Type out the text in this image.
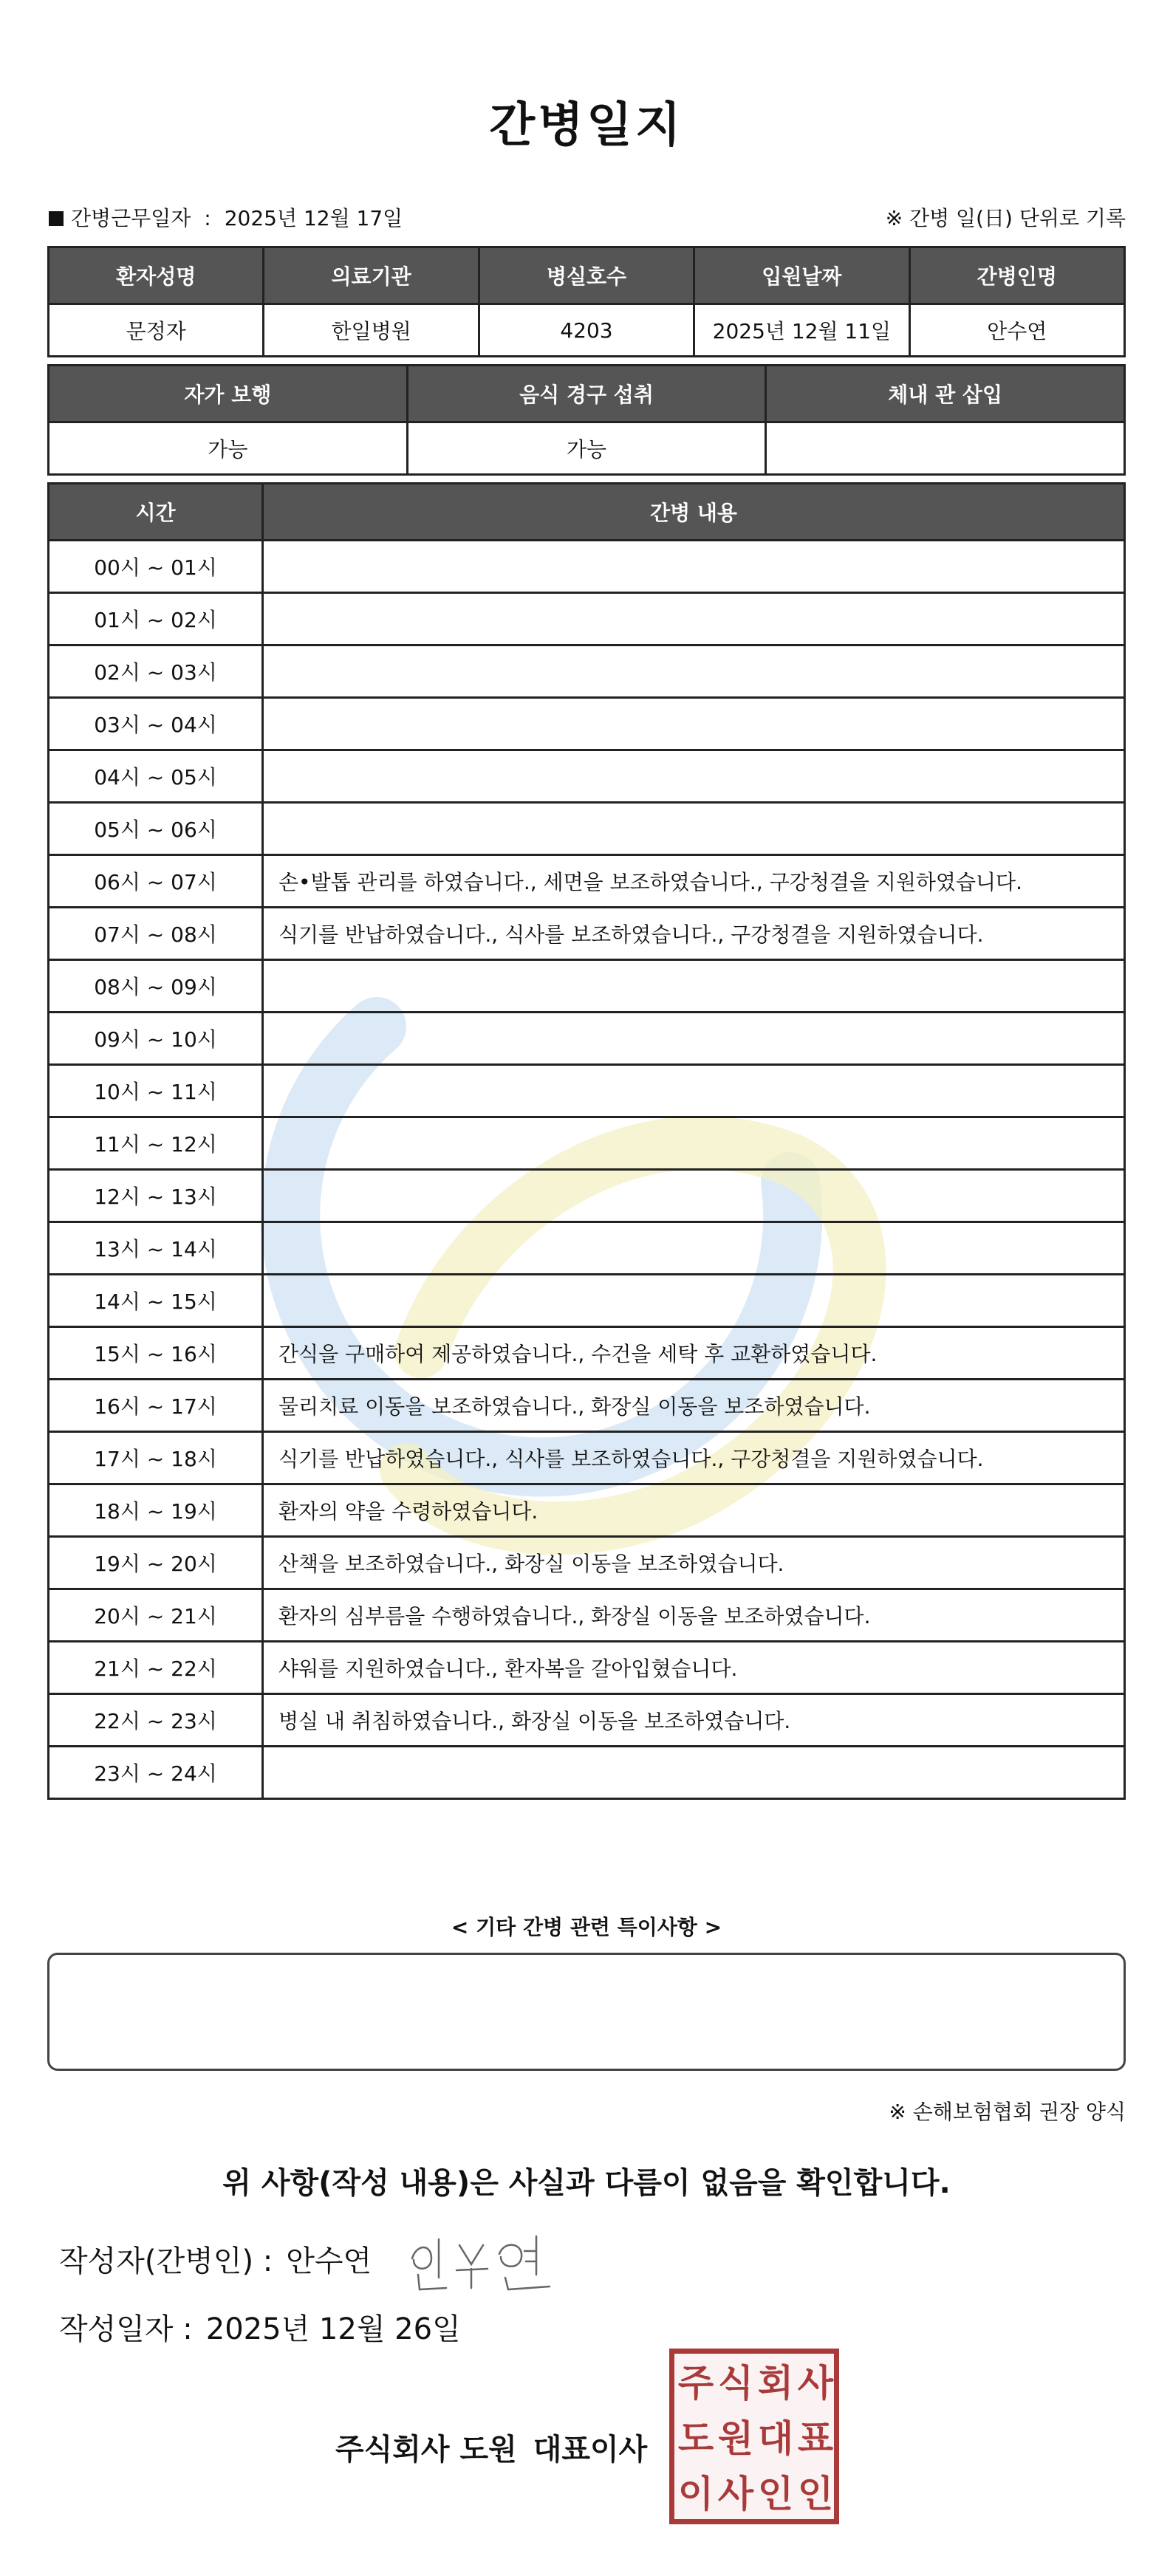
간병일지
간병근무일자 : 2025년 12월 17일	※ 간병 일(日) 단위로 기록
환자성명	의료기관	병실호수	입원날짜	간병인명
문정자	한일병원	4203	2025년 12월 11일	안수연
자가 보행	음식 경구 섭취	체내 관 삽입
가능	가능	
시간	간병 내용
00시 ~ 01시	
01시 ~ 02시	
02시 ~ 03시	
03시 ~ 04시	
04시 ~ 05시	
05시 ~ 06시	
06시 ~ 07시	손•발톱 관리를 하였습니다., 세면을 보조하였습니다., 구강청결을 지원하였습니다.
07시 ~ 08시	식기를 반납하였습니다., 식사를 보조하였습니다., 구강청결을 지원하였습니다.
08시 ~ 09시	
09시 ~ 10시	
10시 ~ 11시	
11시 ~ 12시	
12시 ~ 13시	
13시 ~ 14시	
14시 ~ 15시	
15시 ~ 16시	간식을 구매하여 제공하였습니다., 수건을 세탁 후 교환하였습니다.
16시 ~ 17시	물리치료 이동을 보조하였습니다., 화장실 이동을 보조하였습니다.
17시 ~ 18시	식기를 반납하였습니다., 식사를 보조하였습니다., 구강청결을 지원하였습니다.
18시 ~ 19시	환자의 약을 수령하였습니다.
19시 ~ 20시	산책을 보조하였습니다., 화장실 이동을 보조하였습니다.
20시 ~ 21시	환자의 심부름을 수행하였습니다., 화장실 이동을 보조하였습니다.
21시 ~ 22시	샤워를 지원하였습니다., 환자복을 갈아입혔습니다.
22시 ~ 23시	병실 내 취침하였습니다., 화장실 이동을 보조하였습니다.
23시 ~ 24시	
< 기타 간병 관련 특이사항 >
※ 손해보험협회 권장 양식
위 사항(작성 내용)은 사실과 다름이 없음을 확인합니다.
작성자(간병인) : 안수연
작성일자 : 2025년 12월 26일
주식회사 도원 대표이사
주 식 회 사
도 원 대 표
이 사 인 인
